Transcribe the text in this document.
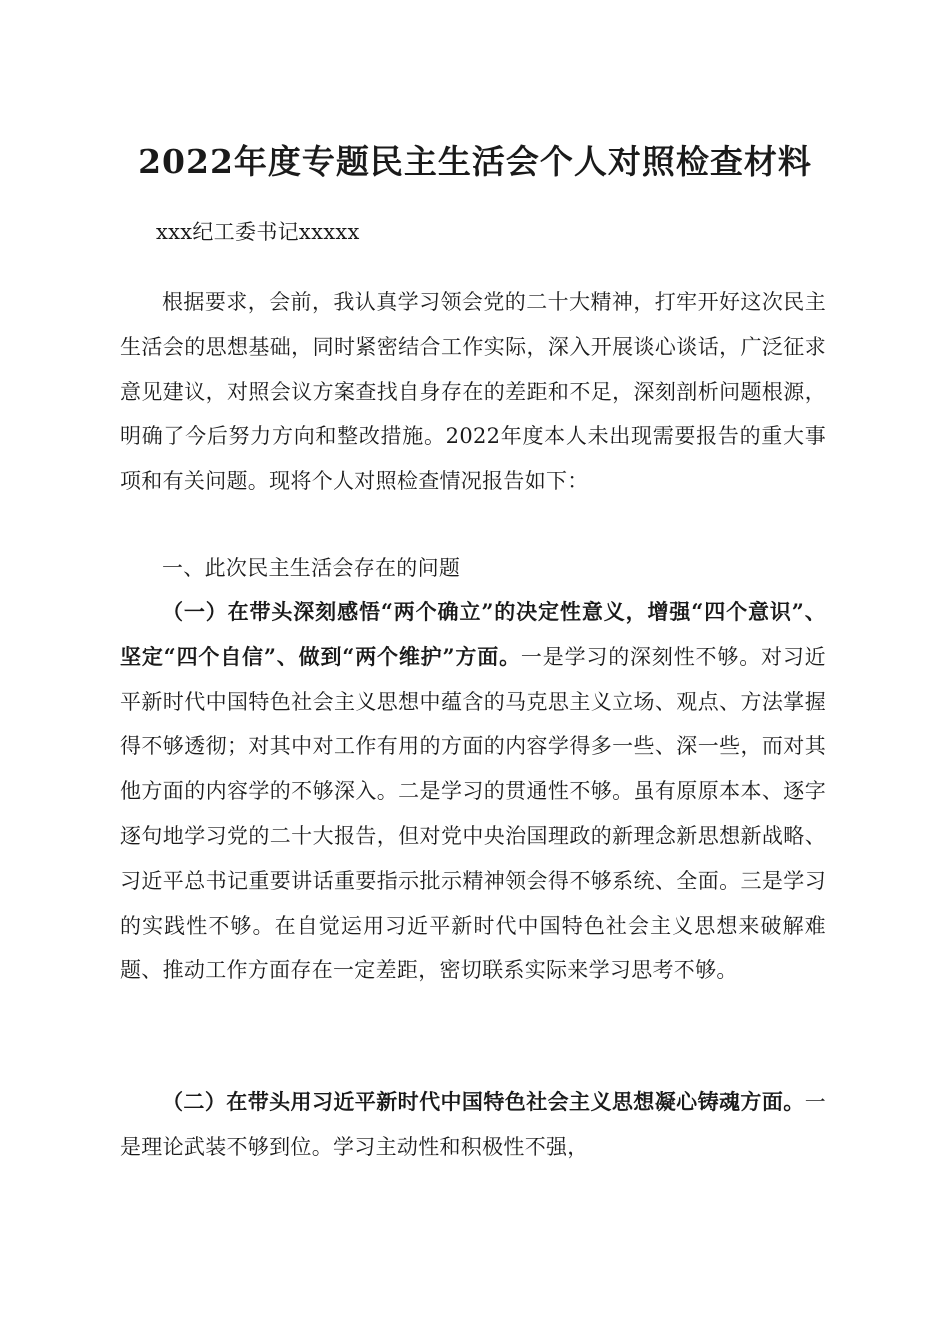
2022年度专题民主生活会个人对照检查材料

xxx纪工委书记xxxxx

根据要求，会前，我认真学习领会党的二十大精神，打牢开好这次民主生活会的思想基础，同时紧密结合工作实际，深入开展谈心谈话，广泛征求意见建议，对照会议方案查找自身存在的差距和不足，深刻剖析问题根源，明确了今后努力方向和整改措施。2022年度本人未出现需要报告的重大事项和有关问题。现将个人对照检查情况报告如下：

一、此次民主生活会存在的问题

（一）在带头深刻感悟“两个确立”的决定性意义，增强“四个意识”、坚定“四个自信”、做到“两个维护”方面。一是学习的深刻性不够。对习近平新时代中国特色社会主义思想中蕴含的马克思主义立场、观点、方法掌握得不够透彻；对其中对工作有用的方面的内容学得多一些、深一些，而对其他方面的内容学的不够深入。二是学习的贯通性不够。虽有原原本本、逐字逐句地学习党的二十大报告，但对党中央治国理政的新理念新思想新战略、习近平总书记重要讲话重要指示批示精神领会得不够系统、全面。三是学习的实践性不够。在自觉运用习近平新时代中国特色社会主义思想来破解难题、推动工作方面存在一定差距，密切联系实际来学习思考不够。

（二）在带头用习近平新时代中国特色社会主义思想凝心铸魂方面。一是理论武装不够到位。学习主动性和积极性不强，
